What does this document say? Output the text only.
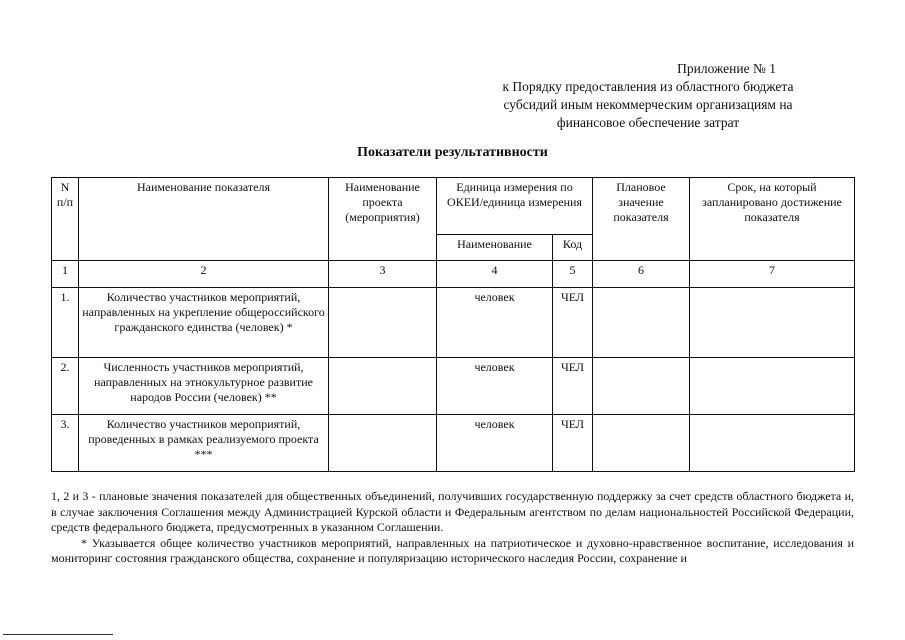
Приложение № 1
к Порядку предоставления из областного бюджета
субсидий иным некоммерческим организациям на
финансовое обеспечение затрат
Показатели результативности
N п/п	Наименование показателя	Наименование проекта (мероприятия)	Единица измерения по ОКЕИ/единица измерения		Плановое значение показателя	Срок, на который запланировано достижение показателя
			Наименование	Код		
1	2	3	4	5	6	7
1.	Количество участников мероприятий, направленных на укрепление общероссийского гражданского единства (человек) *		человек	ЧЕЛ		
2.	Численность участников мероприятий, направленных на этнокультурное развитие народов России (человек) **		человек	ЧЕЛ		
3.	Количество участников мероприятий, проведенных в рамках реализуемого проекта ***		человек	ЧЕЛ		

1, 2 и 3 - плановые значения показателей для общественных объединений, получивших государственную поддержку за счет средств областного бюджета и, в случае заключения Соглашения между Администрацией Курской области и Федеральным агентством по делам национальностей Российской Федерации, средств федерального бюджета, предусмотренных в указанном Соглашении.

* Указывается общее количество участников мероприятий, направленных на патриотическое и духовно-нравственное воспитание, исследования и мониторинг состояния гражданского общества, сохранение и популяризацию исторического наследия России, сохранение и
